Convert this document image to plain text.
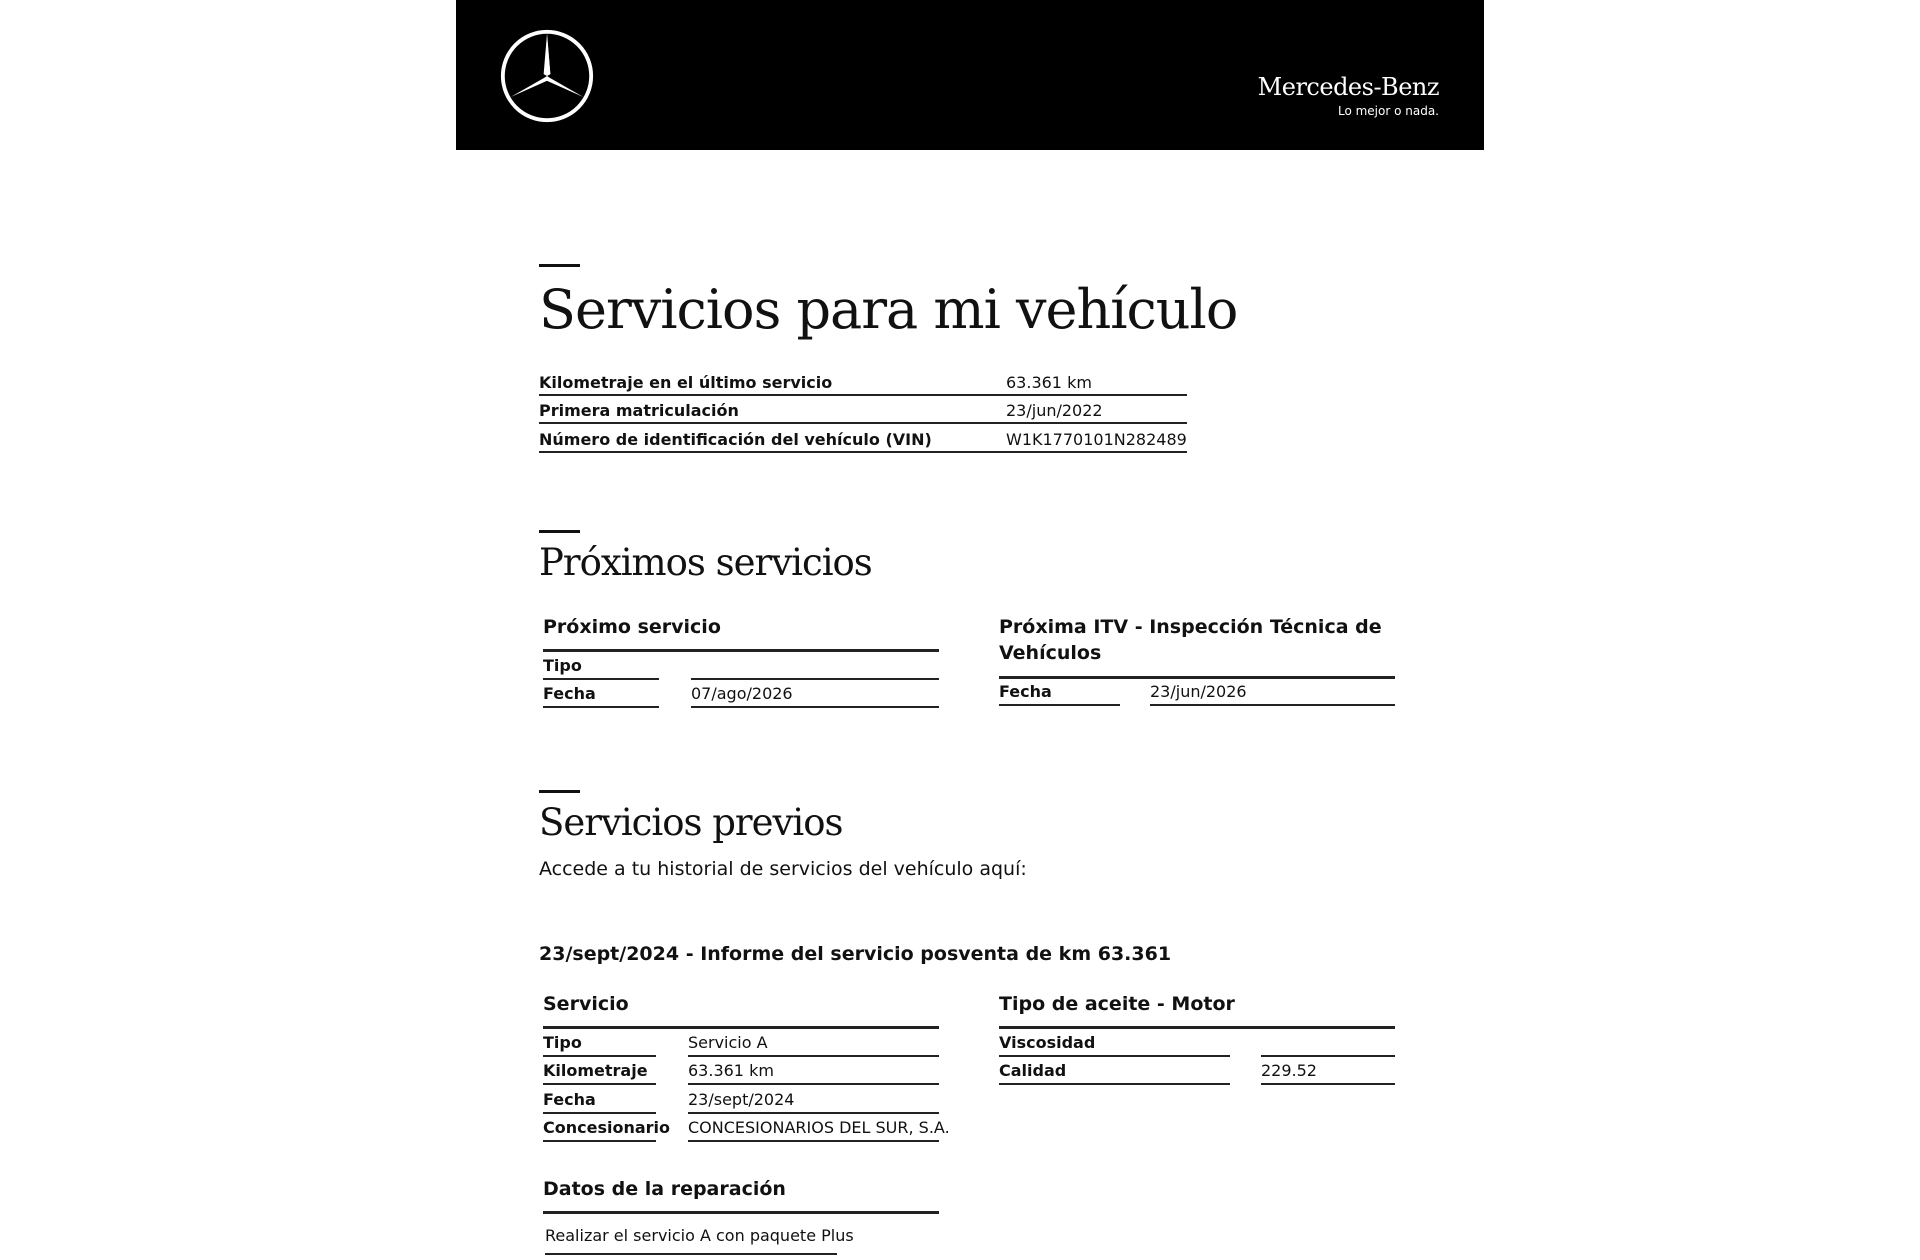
Mercedes-Benz
Lo mejor o nada.
Servicios para mi vehículo
Kilometraje en el último servicio	63.361 km
Primera matriculación	23/jun/2022
Número de identificación del vehículo (VIN)	W1K1770101N282489
Próximos servicios
Próximo servicio
Tipo
Fecha	07/ago/2026
Próxima ITV - Inspección Técnica de
Vehículos
Fecha	23/jun/2026
Servicios previos
Accede a tu historial de servicios del vehículo aquí:
23/sept/2024 - Informe del servicio posventa de km 63.361
Servicio
Tipo	Servicio A
Kilometraje	63.361 km
Fecha	23/sept/2024
Concesionario CONCESIONARIOS DEL SUR, S.A.
Tipo de aceite - Motor
Viscosidad
Calidad	229.52
Datos de la reparación
Realizar el servicio A con paquete Plus
